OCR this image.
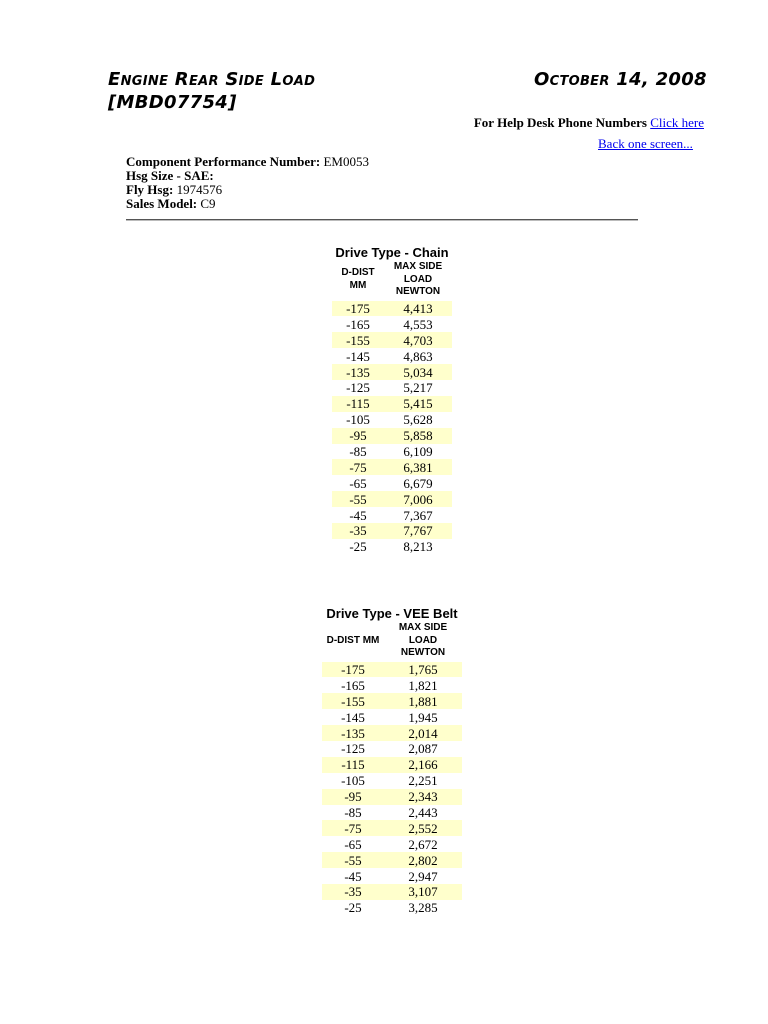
Engine Rear Side Load
[MBD07754]
October 14, 2008
For Help Desk Phone Numbers Click here
Back one screen...
Component Performance Number: EM0053
Hsg Size - SAE:
Fly Hsg: 1974576
Sales Model: C9
Drive Type - Chain
D-DIST MM	MAX SIDE LOAD NEWTON
-175	4,413
-165	4,553
-155	4,703
-145	4,863
-135	5,034
-125	5,217
-115	5,415
-105	5,628
-95	5,858
-85	6,109
-75	6,381
-65	6,679
-55	7,006
-45	7,367
-35	7,767
-25	8,213
Drive Type - VEE Belt
D-DIST MM	MAX SIDE LOAD NEWTON
-175	1,765
-165	1,821
-155	1,881
-145	1,945
-135	2,014
-125	2,087
-115	2,166
-105	2,251
-95	2,343
-85	2,443
-75	2,552
-65	2,672
-55	2,802
-45	2,947
-35	3,107
-25	3,285
